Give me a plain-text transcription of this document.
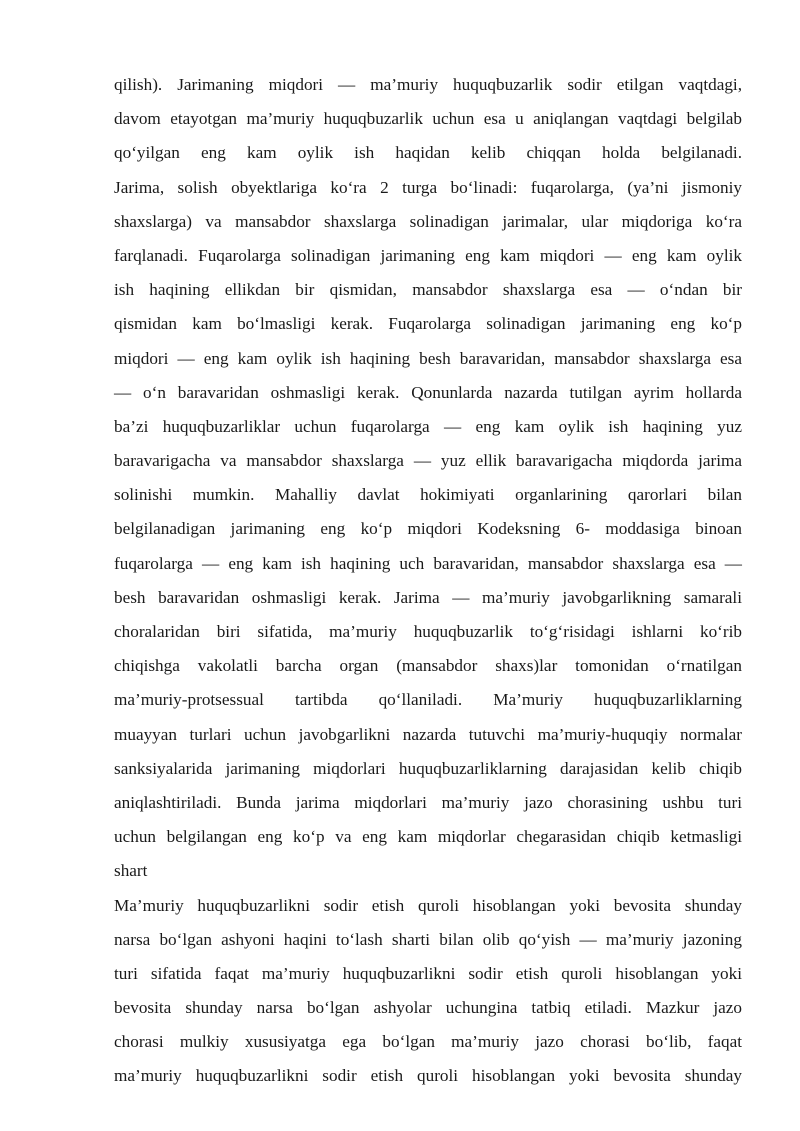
qilish). Jarimaning miqdori — ma’muriy huquqbuzarlik sodir etilgan vaqtdagi,
davom etayotgan ma’muriy huquqbuzarlik uchun esa u aniqlangan vaqtdagi belgilab
qo‘yilgan eng kam oylik ish haqidan kelib chiqqan holda belgilanadi.
Jarima, solish obyektlariga ko‘ra 2 turga bo‘linadi: fuqarolarga, (ya’ni jismoniy
shaxslarga) va mansabdor shaxslarga solinadigan jarimalar, ular miqdoriga ko‘ra
farqlanadi. Fuqarolarga solinadigan jarimaning eng kam miqdori — eng kam oylik
ish haqining ellikdan bir qismidan, mansabdor shaxslarga esa — o‘ndan bir
qismidan kam bo‘lmasligi kerak. Fuqarolarga solinadigan jarimaning eng ko‘p
miqdori — eng kam oylik ish haqining besh baravaridan, mansabdor shaxslarga esa
— o‘n baravaridan oshmasligi kerak. Qonunlarda nazarda tutilgan ayrim hollarda
ba’zi huquqbuzarliklar uchun fuqarolarga — eng kam oylik ish haqining yuz
baravarigacha va mansabdor shaxslarga — yuz ellik baravarigacha miqdorda jarima
solinishi mumkin. Mahalliy davlat hokimiyati organlarining qarorlari bilan
belgilanadigan jarimaning eng ko‘p miqdori Kodeksning 6- moddasiga binoan
fuqarolarga — eng kam ish haqining uch baravaridan, mansabdor shaxslarga esa —
besh baravaridan oshmasligi kerak. Jarima — ma’muriy javobgarlikning samarali
choralaridan biri sifatida, ma’muriy huquqbuzarlik to‘g‘risidagi ishlarni ko‘rib
chiqishga vakolatli barcha organ (mansabdor shaxs)lar tomonidan o‘rnatilgan
ma’muriy-protsessual tartibda qo‘llaniladi. Ma’muriy huquqbuzarliklarning
muayyan turlari uchun javobgarlikni nazarda tutuvchi ma’muriy-huquqiy normalar
sanksiyalarida jarimaning miqdorlari huquqbuzarliklarning darajasidan kelib chiqib
aniqlashtiriladi. Bunda jarima miqdorlari ma’muriy jazo chorasining ushbu turi
uchun belgilangan eng ko‘p va eng kam miqdorlar chegarasidan chiqib ketmasligi
shart
Ma’muriy huquqbuzarlikni sodir etish quroli hisoblangan yoki bevosita shunday
narsa bo‘lgan ashyoni haqini to‘lash sharti bilan olib qo‘yish — ma’muriy jazoning
turi sifatida faqat ma’muriy huquqbuzarlikni sodir etish quroli hisoblangan yoki
bevosita shunday narsa bo‘lgan ashyolar uchungina tatbiq etiladi. Mazkur jazo
chorasi mulkiy xususiyatga ega bo‘lgan ma’muriy jazo chorasi bo‘lib, faqat
ma’muriy huquqbuzarlikni sodir etish quroli hisoblangan yoki bevosita shunday
